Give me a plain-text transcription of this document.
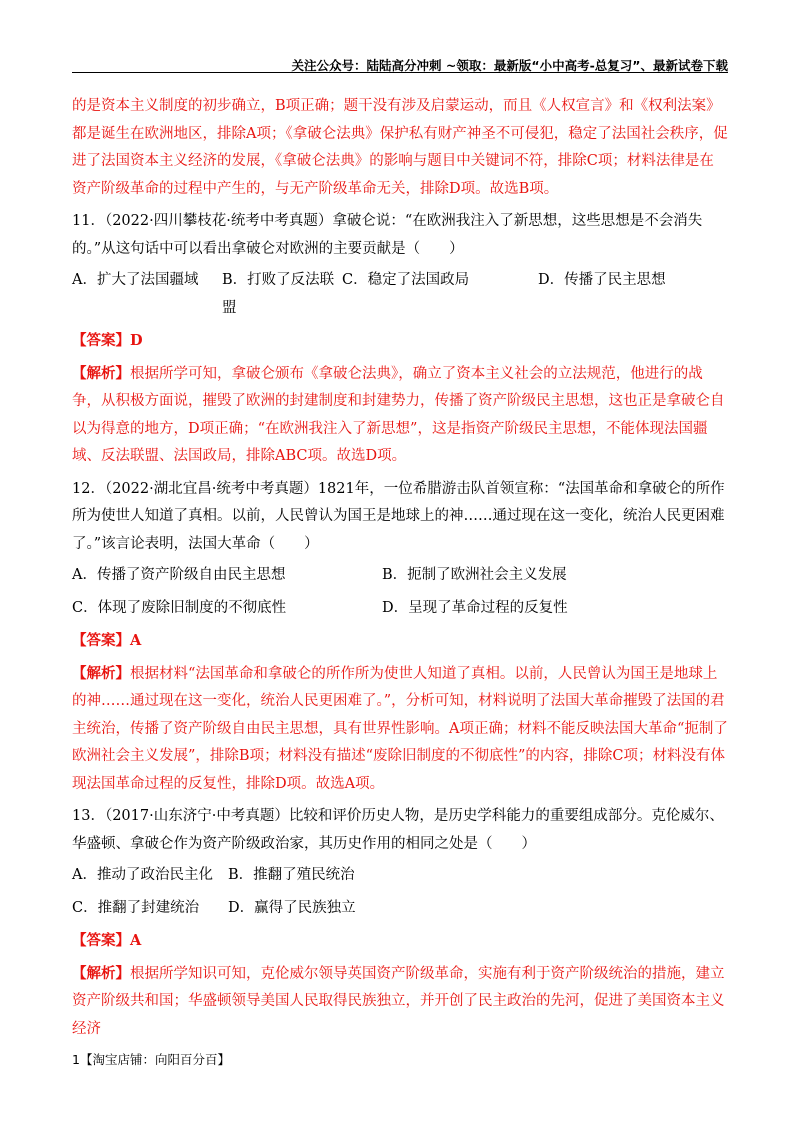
关注公众号：陆陆高分冲刺 ~领取：最新版“小中高考-总复习”、最新试卷下载

的是资本主义制度的初步确立，B项正确；题干没有涉及启蒙运动，而且《人权宣言》和《权利法案》都是诞生在欧洲地区，排除A项；《拿破仑法典》保护私有财产神圣不可侵犯，稳定了法国社会秩序，促进了法国资本主义经济的发展，《拿破仑法典》的影响与题目中关键词不符，排除C项；材料法律是在资产阶级革命的过程中产生的，与无产阶级革命无关，排除D项。故选B项。

11．（2022·四川攀枝花·统考中考真题）拿破仑说：“在欧洲我注入了新思想，这些思想是不会消失的。”从这句话中可以看出拿破仑对欧洲的主要贡献是（　　）

A．扩大了法国疆域	B．打败了反法联盟
C．稳定了法国政局	D．传播了民主思想

【答案】D

【解析】根据所学可知，拿破仑颁布《拿破仑法典》，确立了资本主义社会的立法规范，他进行的战争，从积极方面说，摧毁了欧洲的封建制度和封建势力，传播了资产阶级民主思想，这也正是拿破仑自以为得意的地方，D项正确；“在欧洲我注入了新思想”，这是指资产阶级民主思想，不能体现法国疆域、反法联盟、法国政局，排除ABC项。故选D项。

12．（2022·湖北宜昌·统考中考真题）1821年，一位希腊游击队首领宣称：“法国革命和拿破仑的所作所为使世人知道了真相。以前，人民曾认为国王是地球上的神……通过现在这一变化，统治人民更困难了。”该言论表明，法国大革命（　　）

A．传播了资产阶级自由民主思想	B．扼制了欧洲社会主义发展
C．体现了废除旧制度的不彻底性	D．呈现了革命过程的反复性

【答案】A

【解析】根据材料“法国革命和拿破仑的所作所为使世人知道了真相。以前，人民曾认为国王是地球上的神……通过现在这一变化，统治人民更困难了。”，分析可知，材料说明了法国大革命摧毁了法国的君主统治，传播了资产阶级自由民主思想，具有世界性影响。A项正确；材料不能反映法国大革命“扼制了欧洲社会主义发展”，排除B项；材料没有描述“废除旧制度的不彻底性”的内容，排除C项；材料没有体现法国革命过程的反复性，排除D项。故选A项。

13．（2017·山东济宁·中考真题）比较和评价历史人物，是历史学科能力的重要组成部分。克伦威尔、华盛顿、拿破仑作为资产阶级政治家，其历史作用的相同之处是（　　）

A．推动了政治民主化	B．推翻了殖民统治
C．推翻了封建统治	D．赢得了民族独立

【答案】A

【解析】根据所学知识可知，克伦威尔领导英国资产阶级革命，实施有利于资产阶级统治的措施，建立资产阶级共和国；华盛顿领导美国人民取得民族独立，并开创了民主政治的先河，促进了美国资本主义经济

1【淘宝店铺：向阳百分百】
